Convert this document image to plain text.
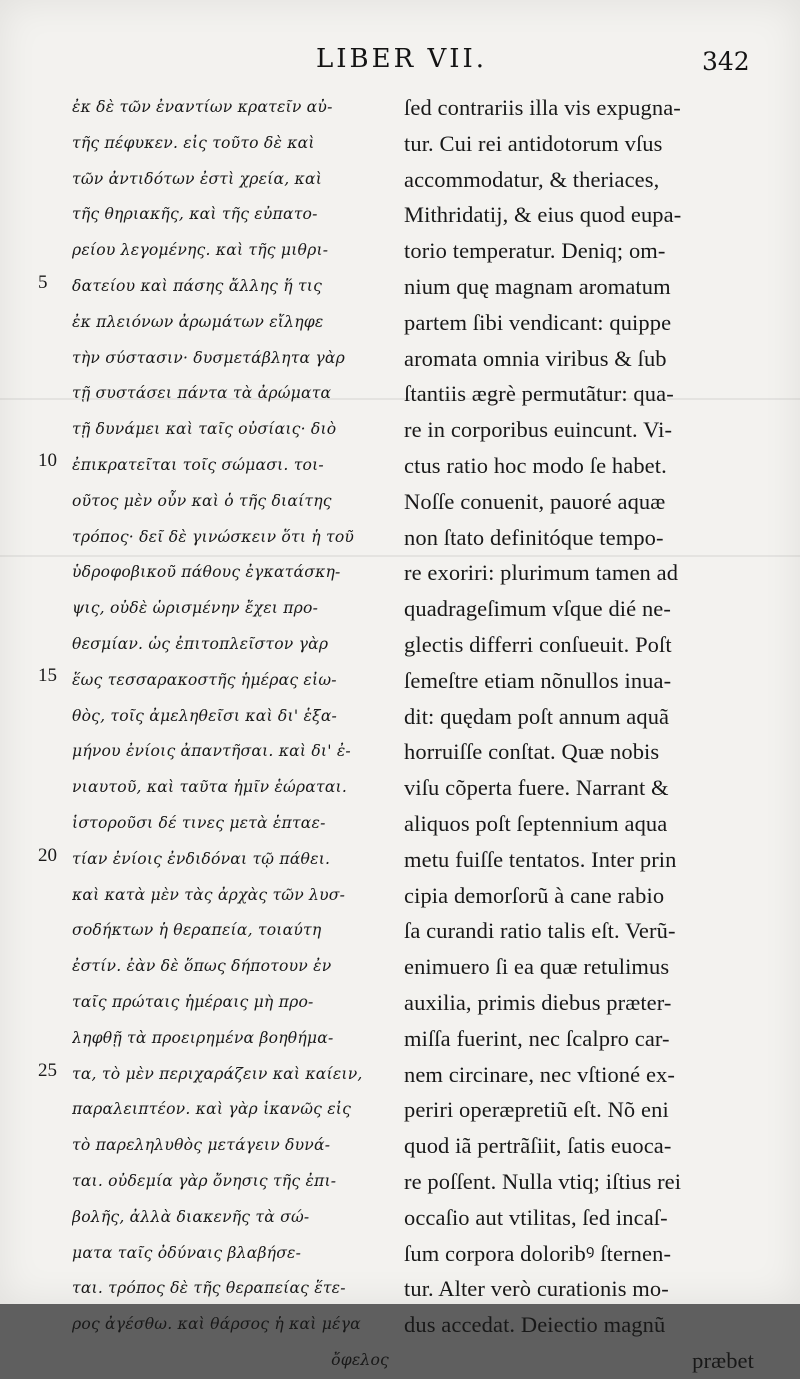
LIBER VII.	342
5
10
15
20
25
ἐκ δὲ τῶν ἐναντίων κρατεῖν αὐ-
τῆς πέφυκεν. εἰς τοῦτο δὲ καὶ
τῶν ἀντιδότων ἐστὶ χρεία, καὶ
τῆς θηριακῆς, καὶ τῆς εὐπατο-
ρείου λεγομένης. καὶ τῆς μιθρι-
δατείου καὶ πάσης ἄλλης ἥ τις
ἐκ πλειόνων ἀρωμάτων εἴληφε
τὴν σύστασιν· δυσμετάβλητα γὰρ
τῇ συστάσει πάντα τὰ ἀρώματα
τῇ δυνάμει καὶ ταῖς οὐσίαις· διὸ
ἐπικρατεῖται τοῖς σώμασι. τοι-
οῦτος μὲν οὖν καὶ ὁ τῆς διαίτης
τρόπος· δεῖ δὲ γινώσκειν ὅτι ἡ τοῦ
ὑδροφοβικοῦ πάθους ἐγκατάσκη-
ψις, οὐδὲ ὡρισμένην ἔχει προ-
θεσμίαν. ὡς ἐπιτοπλεῖστον γὰρ
ἕως τεσσαρακοστῆς ἡμέρας εἰω-
θὸς, τοῖς ἀμεληθεῖσι καὶ δι' ἑξα-
μήνου ἐνίοις ἀπαντῆσαι. καὶ δι' ἐ-
νιαυτοῦ, καὶ ταῦτα ἡμῖν ἑώραται.
ἱστοροῦσι δέ τινες μετὰ ἑπταε-
τίαν ἐνίοις ἐνδιδόναι τῷ πάθει.
καὶ κατὰ μὲν τὰς ἀρχὰς τῶν λυσ-
σοδήκτων ἡ θεραπεία, τοιαύτη
ἐστίν. ἐὰν δὲ ὅπως δήποτουν ἐν
ταῖς πρώταις ἡμέραις μὴ προ-
ληφθῇ τὰ προειρημένα βοηθήμα-
τα, τὸ μὲν περιχαράζειν καὶ καίειν,
παραλειπτέον. καὶ γὰρ ἱκανῶς εἰς
τὸ παρεληλυθὸς μετάγειν δυνά-
ται. οὐδεμία γὰρ ὄνησις τῆς ἐπι-
βολῆς, ἀλλὰ διακενῆς τὰ σώ-
ματα ταῖς ὀδύναις βλαβήσε-
ται. τρόπος δὲ τῆς θεραπείας ἕτε-
ρος ἀγέσθω. καὶ θάρσος ἡ καὶ μέγα
ὄφελος
ſed contrariis illa vis expugna-
tur. Cui rei antidotorum vſus
accommodatur, & theriaces,
Mithridatij, & eius quod eupa-
torio temperatur. Deniq; om-
nium quę magnam aromatum
partem ſibi vendicant: quippe
aromata omnia viribus & ſub
ſtantiis ægrè permutãtur: qua-
re in corporibus euincunt. Vi-
ctus ratio hoc modo ſe habet.
Noſſe conuenit, pauoré aquæ
non ſtato definitóque tempo-
re exoriri: plurimum tamen ad
quadrageſimum vſque dié ne-
glectis differri conſueuit. Poſt
ſemeſtre etiam nõnullos inua-
dit: quędam poſt annum aquã
horruiſſe conſtat. Quæ nobis
viſu cõperta fuere. Narrant &
aliquos poſt ſeptennium aqua
metu fuiſſe tentatos. Inter prin
cipia demorſorũ à cane rabio
ſa curandi ratio talis eſt. Verũ-
enimuero ſi ea quæ retulimus
auxilia, primis diebus præter-
miſſa fuerint, nec ſcalpro car-
nem circinare, nec vſtioné ex-
periri operæpretiũ eſt. Nõ eni
quod iã pertrãſiit, ſatis euoca-
re poſſent. Nulla vtiq; iſtius rei
occaſio aut vtilitas, ſed incaſ-
ſum corpora doloribꝰ ſternen-
tur. Alter verò curationis mo-
dus accedat. Deiectio magnũ
præbet
